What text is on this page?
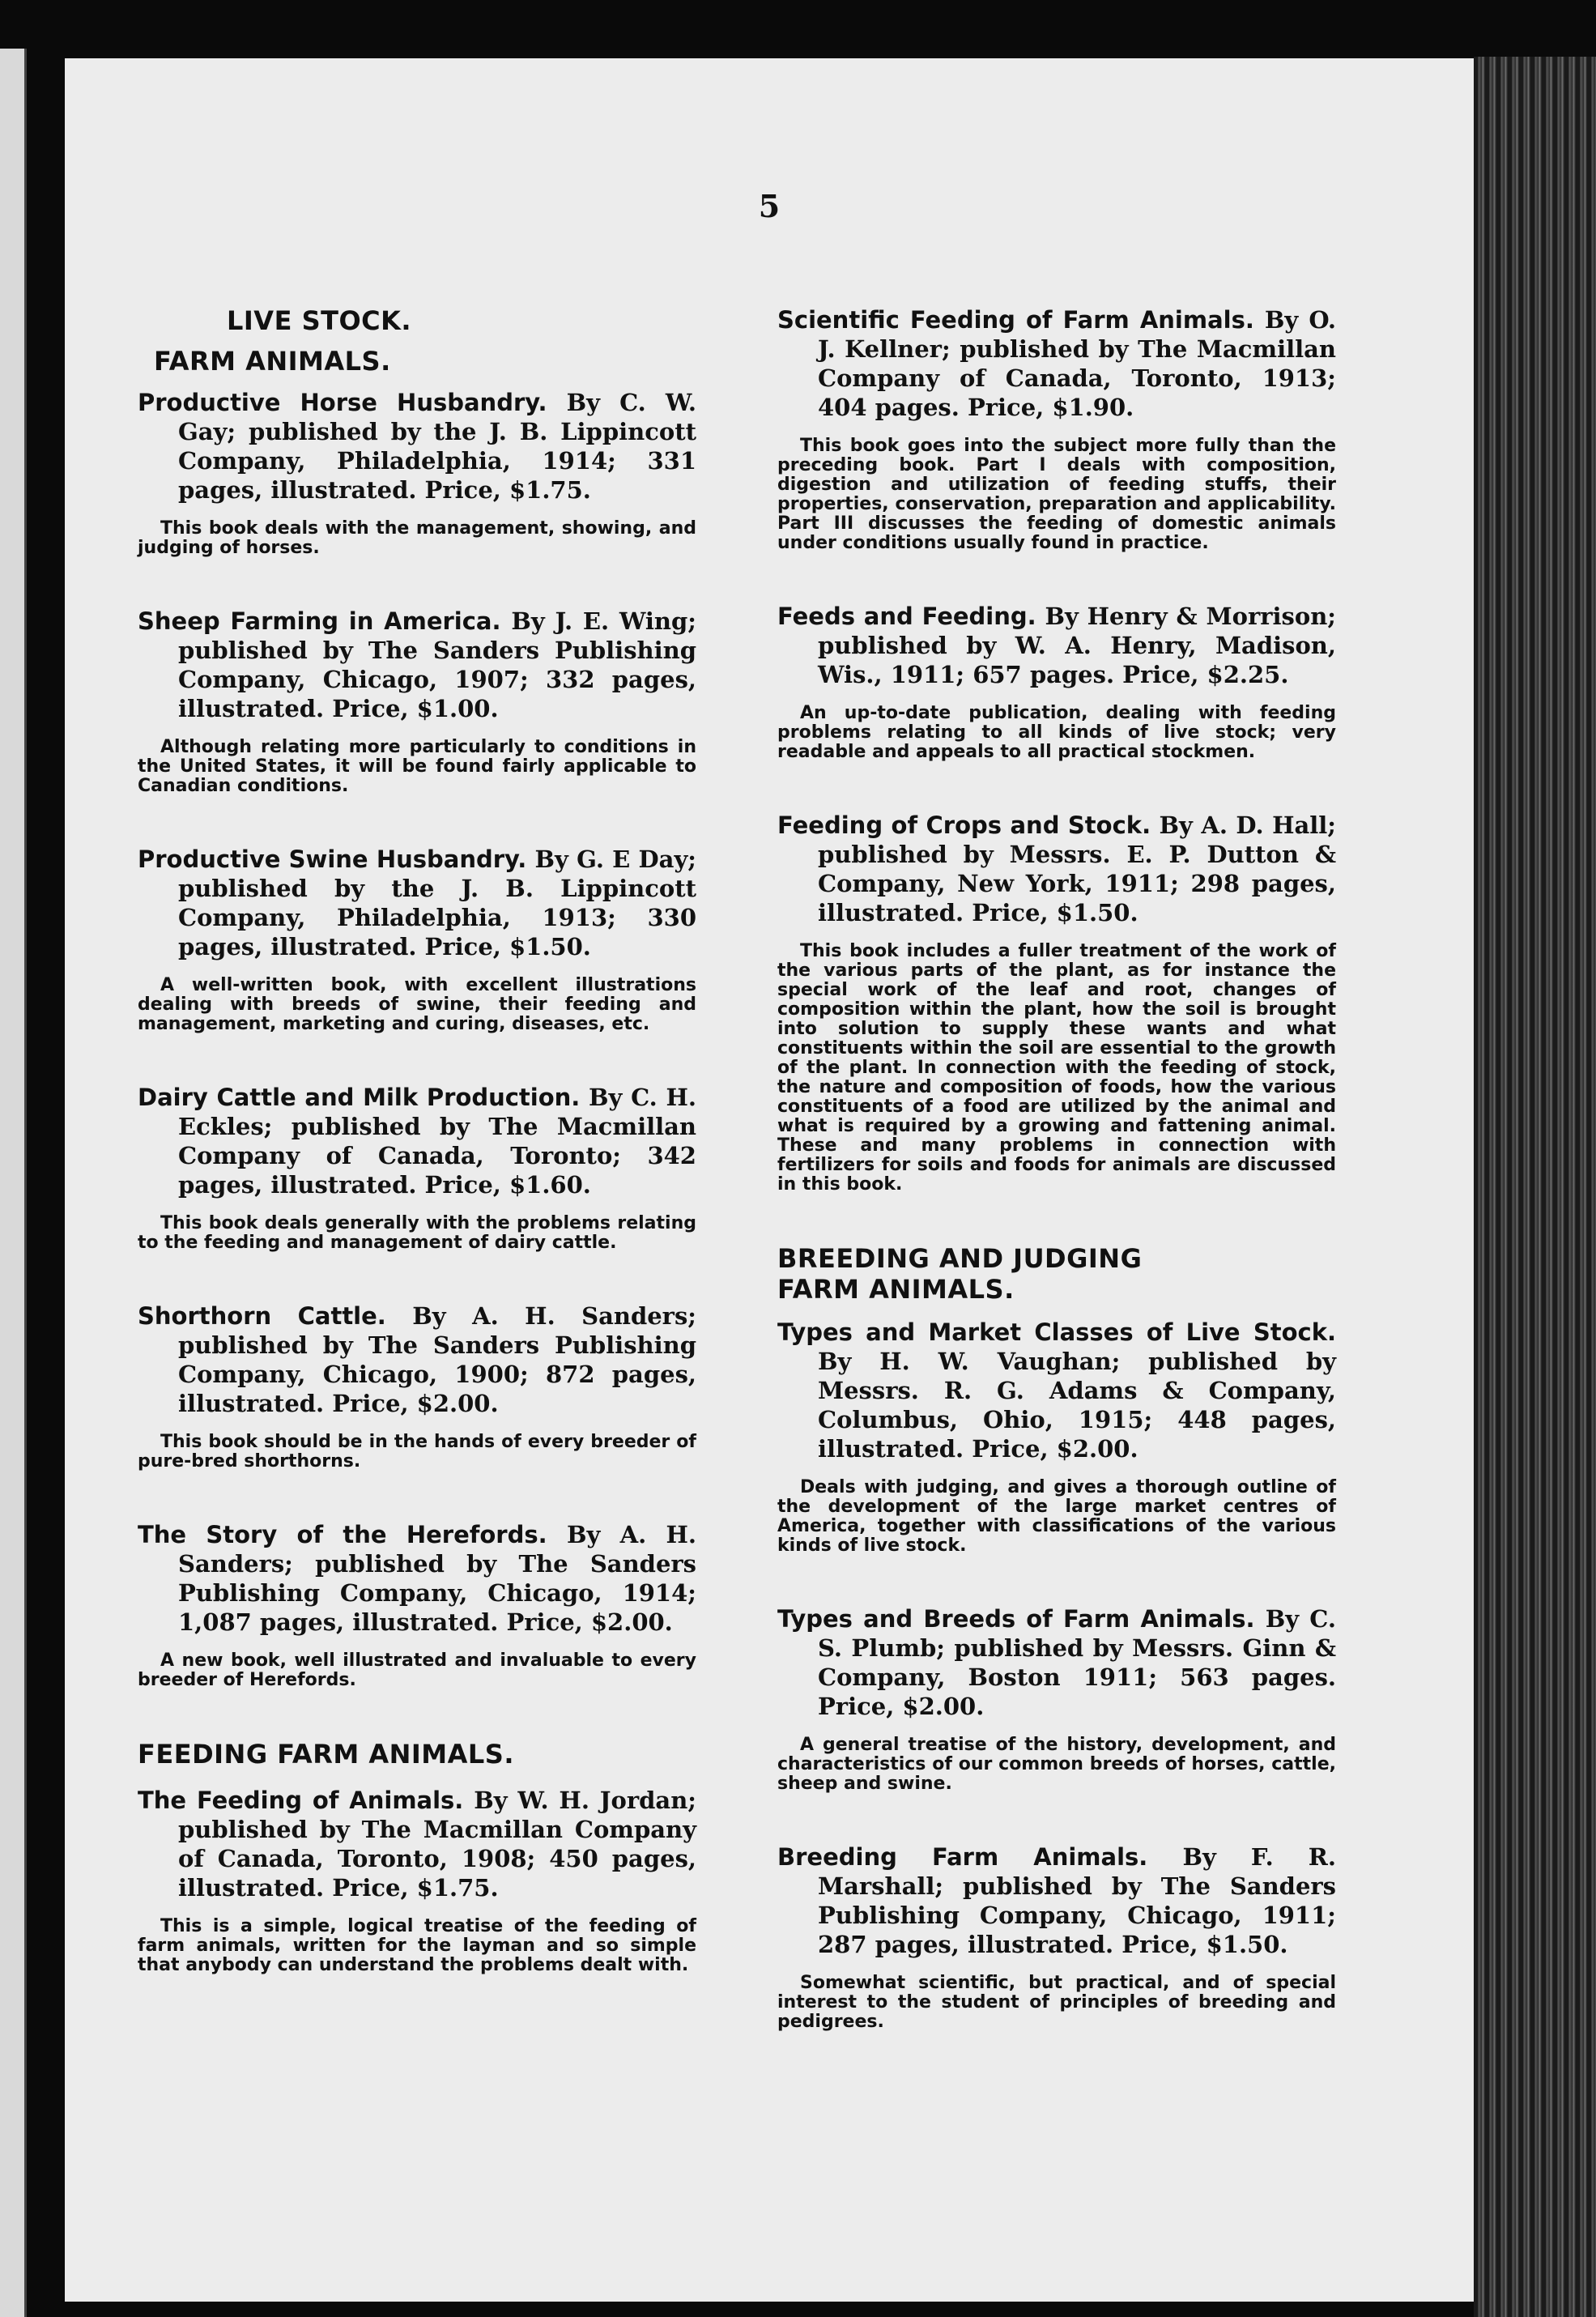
5
LIVE STOCK.
FARM ANIMALS.

Productive Horse Husbandry. By C. W. Gay; published by the J. B. Lippincott Company, Philadelphia, 1914; 331 pages, illustrated. Price, $1.75.

This book deals with the management, showing, and judging of horses.

Sheep Farming in America. By J. E. Wing; published by The Sanders Publishing Company, Chicago, 1907; 332 pages, illustrated. Price, $1.00.

Although relating more particularly to conditions in the United States, it will be found fairly applicable to Canadian conditions.

Productive Swine Husbandry. By G. E Day; published by the J. B. Lippincott Company, Philadelphia, 1913; 330 pages, illustrated. Price, $1.50.

A well-written book, with excellent illustrations dealing with breeds of swine, their feeding and management, marketing and curing, diseases, etc.

Dairy Cattle and Milk Production. By C. H. Eckles; published by The Macmillan Company of Canada, Toronto; 342 pages, illustrated. Price, $1.60.

This book deals generally with the problems relating to the feeding and management of dairy cattle.

Shorthorn Cattle. By A. H. Sanders; published by The Sanders Publishing Company, Chicago, 1900; 872 pages, illustrated. Price, $2.00.

This book should be in the hands of every breeder of pure-bred shorthorns.

The Story of the Herefords. By A. H. Sanders; published by The Sanders Publishing Company, Chicago, 1914; 1,087 pages, illustrated. Price, $2.00.

A new book, well illustrated and invaluable to every breeder of Herefords.

FEEDING FARM ANIMALS.

The Feeding of Animals. By W. H. Jordan; published by The Macmillan Company of Canada, Toronto, 1908; 450 pages, illustrated. Price, $1.75.

This is a simple, logical treatise of the feeding of farm animals, written for the layman and so simple that anybody can understand the problems dealt with.

Scientific Feeding of Farm Animals. By O. J. Kellner; published by The Macmillan Company of Canada, Toronto, 1913; 404 pages. Price, $1.90.

This book goes into the subject more fully than the preceding book. Part I deals with composition, digestion and utilization of feeding stuffs, their properties, conservation, preparation and applicability. Part III discusses the feeding of domestic animals under conditions usually found in practice.

Feeds and Feeding. By Henry & Morrison; published by W. A. Henry, Madison, Wis., 1911; 657 pages. Price, $2.25.

An up-to-date publication, dealing with feeding problems relating to all kinds of live stock; very readable and appeals to all practical stockmen.

Feeding of Crops and Stock. By A. D. Hall; published by Messrs. E. P. Dutton & Company, New York, 1911; 298 pages, illustrated. Price, $1.50.

This book includes a fuller treatment of the work of the various parts of the plant, as for instance the special work of the leaf and root, changes of composition within the plant, how the soil is brought into solution to supply these wants and what constituents within the soil are essential to the growth of the plant. In connection with the feeding of stock, the nature and composition of foods, how the various constituents of a food are utilized by the animal and what is required by a growing and fattening animal. These and many problems in connection with fertilizers for soils and foods for animals are discussed in this book.

BREEDING AND JUDGING
FARM ANIMALS.

Types and Market Classes of Live Stock. By H. W. Vaughan; published by Messrs. R. G. Adams & Company, Columbus, Ohio, 1915; 448 pages, illustrated. Price, $2.00.

Deals with judging, and gives a thorough outline of the development of the large market centres of America, together with classifications of the various kinds of live stock.

Types and Breeds of Farm Animals. By C. S. Plumb; published by Messrs. Ginn & Company, Boston 1911; 563 pages. Price, $2.00.

A general treatise of the history, development, and characteristics of our common breeds of horses, cattle, sheep and swine.

Breeding Farm Animals. By F. R. Marshall; published by The Sanders Publishing Company, Chicago, 1911; 287 pages, illustrated. Price, $1.50.

Somewhat scientific, but practical, and of special interest to the student of principles of breeding and pedigrees.
